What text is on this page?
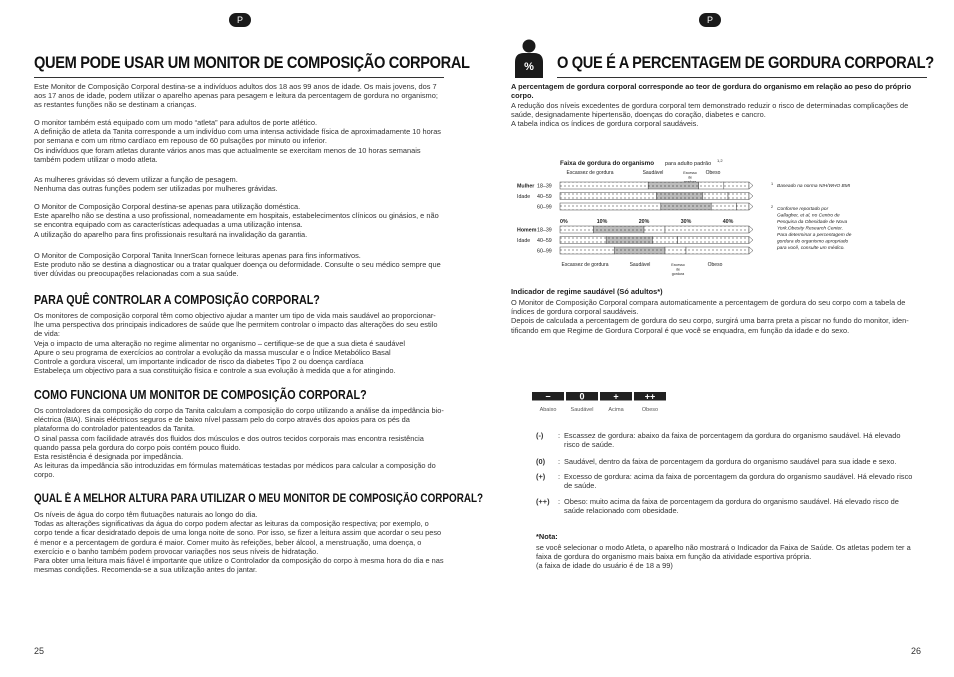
P
QUEM PODE USAR UM MONITOR DE COMPOSIÇÃO CORPORAL

Este Monitor de Composição Corporal destina-se a indivíduos adultos dos 18 aos 99 anos de idade. Os mais jovens, dos 7 aos 17 anos de idade, podem utilizar o aparelho apenas para pesagem e leitura da percentagem de gordura no organismo; as restantes funções não se destinam a crianças.

O monitor também está equipado com um modo “atleta” para adultos de porte atlético.
A definição de atleta da Tanita corresponde a um indivíduo com uma intensa actividade física de aproximadamente 10 horas por semana e com um ritmo cardíaco em repouso de 60 pulsações por minuto ou inferior.
Os indivíduos que foram atletas durante vários anos mas que actualmente se exercitam menos de 10 horas semanais também podem utilizar o modo atleta.

As mulheres grávidas só devem utilizar a função de pesagem.
Nenhuma das outras funções podem ser utilizadas por mulheres grávidas.

O Monitor de Composição Corporal destina-se apenas para utilização doméstica.
Este aparelho não se destina a uso profissional, nomeadamente em hospitais, estabelecimentos clínicos ou ginásios, e não se encontra equipado com as características adequadas a uma utilização intensa.
A utilização do aparelho para fins profissionais resultará na invalidação da garantia.

O Monitor de Composição Corporal Tanita InnerScan fornece leituras apenas para fins informativos.
Este produto não se destina a diagnosticar ou a tratar qualquer doença ou deformidade. Consulte o seu médico sempre que tiver dúvidas ou preocupações relacionadas com a sua saúde.

PARA QUÊ CONTROLAR A COMPOSIÇÃO CORPORAL?

Os monitores de composição corporal têm como objectivo ajudar a manter um tipo de vida mais saudável ao proporcionar-lhe uma perspectiva dos principais indicadores de saúde que lhe permitem controlar o impacto das alterações do seu estilo de vida:
Veja o impacto de uma alteração no regime alimentar no organismo – certifique-se de que a sua dieta é saudável
Apure o seu programa de exercícios ao controlar a evolução da massa muscular e o Índice Metabólico Basal
Controle a gordura visceral, um importante indicador de risco da diabetes Tipo 2 ou doença cardíaca
Estabeleça um objectivo para a sua constituição física e controle a sua evolução à medida que a for atingindo.

COMO FUNCIONA UM MONITOR DE COMPOSIÇÃO CORPORAL?

Os controladores da composição do corpo da Tanita calculam a composição do corpo utilizando a análise da impedância bio-eléctrica (BIA). Sinais eléctricos seguros e de baixo nível passam pelo do corpo através dos apoios para os pés da plataforma do controlador patenteados da Tanita.
O sinal passa com facilidade através dos fluidos dos músculos e dos outros tecidos corporais mas encontra resistência quando passa pela gordura do corpo pois contém pouco fluido.
Esta resistência é designada por impedância.
As leituras da impedância são introduzidas em fórmulas matemáticas testadas por médicos para calcular a composição do corpo.

QUAL É A MELHOR ALTURA PARA UTILIZAR O MEU MONITOR DE COMPOSIÇÃO CORPORAL?

Os níveis de água do corpo têm flutuações naturais ao longo do dia.
Todas as alterações significativas da água do corpo podem afectar as leituras da composição respectiva; por exemplo, o corpo tende a ficar desidratado depois de uma longa noite de sono. Por isso, se fizer a leitura assim que acordar o seu peso é menor e a percentagem de gordura é maior. Comer muito às refeições, beber álcool, a menstruação, uma doença, o exercício e o banho também podem provocar variações nos seus níveis de hidratação.
Para obter uma leitura mais fiável é importante que utilize o Controlador da composição do corpo à mesma hora do dia e nas mesmas condições. Recomenda-se a sua utilização antes do jantar.

25
P
O QUE É A PERCENTAGEM DE GORDURA CORPORAL?

A percentagem de gordura corporal corresponde ao teor de gordura do organismo em relação ao peso do próprio corpo.

A redução dos níveis excedentes de gordura corporal tem demonstrado reduzir o risco de determinadas complicações de saúde, designadamente hipertensão, doenças do coração, diabetes e cancro.
A tabela indica os índices de gordura corporal saudáveis.

Indicador de regime saudável (Só adultos*)

O Monitor de Composição Corporal compara automaticamente a percentagem de gordura do seu corpo com a tabela de índices de gordura corporal saudáveis.
Depois de calculada a percentagem de gordura do seu corpo, surgirá uma barra preta a piscar no fundo do monitor, iden-tificando em que Regime de Gordura Corporal é que você se enquadra, em função da idade e do sexo.

*Nota:

se você selecionar o modo Atleta, o aparelho não mostrará o Indicador da Faixa de Saúde. Os atletas podem ter a faixa de gordura do organismo mais baixa em função da atividade esportiva própria.
(a faixa de idade do usuário é de 18 a 99)

26
%
Faixa de gordura do organismo para adulto padrão
1,2
Escassez de gordura	Saudável	Excesso
de
Obeso
Mulher 18–39
Idade 40–59
60–99
0%	10%	20%	30%	40%
Homem 18–39
Idade 40–59
60–99
Escassez de gordura	Saudável	Excesso
de
gordura
Obeso
1 Baseado na norma NIH/WHO BMI
2 Conforme reportado por
Gallagher, et al, no Centro de
Pesquisa da Obesidade de Nova
York.Obesity Research Center.
Para determinar a percentagem de
gordura do organismo apropriado
para você, consulte um médico.
−
Abaixo
0
Saudável
+
Acima
++
Obeso
(-)	: Escassez de gordura: abaixo da faixa de porcentagem da gordura do organismo saudável. Há elevado risco de saúde.
(0)	: Saudável, dentro da faixa de porcentagem da gordura do organismo saudável para sua idade e sexo.
(+)	: Excesso de gordura: acima da faixa de porcentagem da gordura do organismo saudável. Há elevado risco de saúde.
(++)	: Obeso: muito acima da faixa de porcentagem da gordura do organismo saudável. Há elevado risco de saúde relacionado com obesidade.
